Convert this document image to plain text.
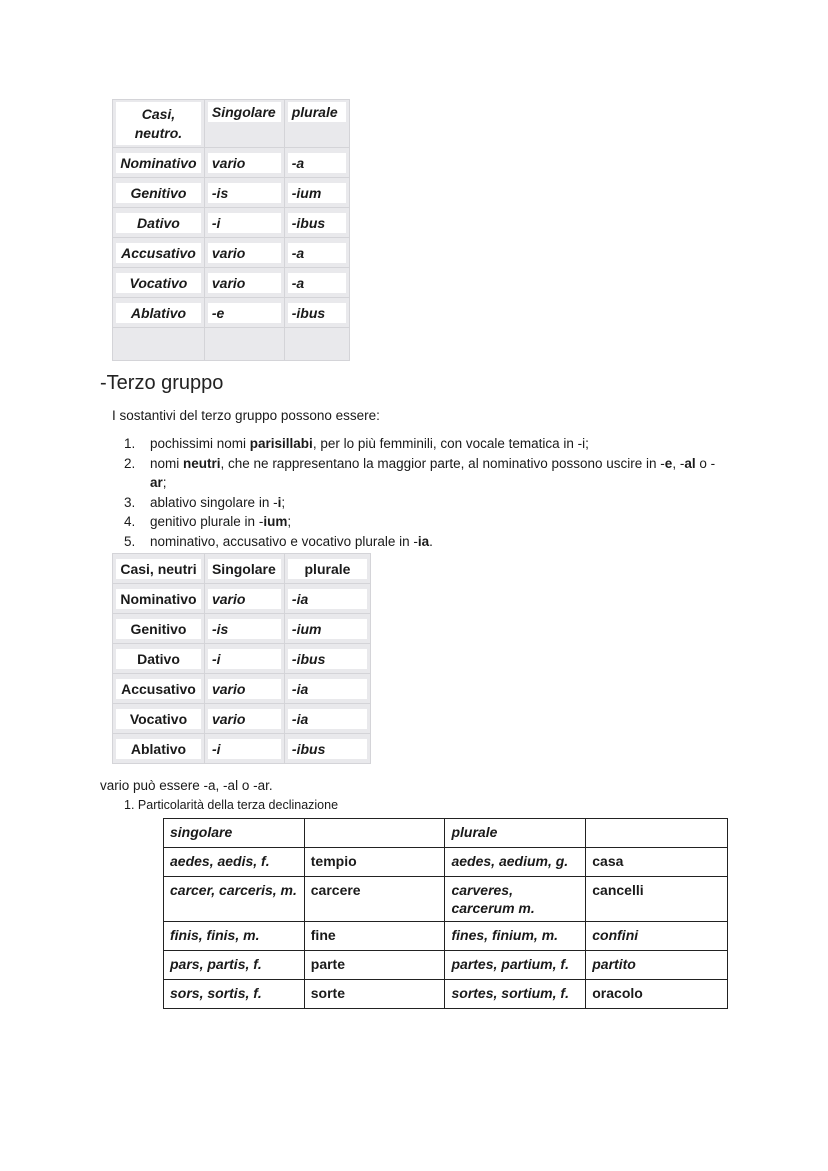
Casi, neutro.	Singolare	plurale

Nominativo	vario	-a

Genitivo	-is	-ium

Dativo	-i	-ibus

Accusativo	vario	-a

Vocativo	vario	-a

Ablativo	-e	-ibus

-Terzo gruppo
I sostantivi del terzo gruppo possono essere:
1. pochissimi nomi parisillabi, per lo più femminili, con vocale tematica in -i;
2. nomi neutri, che ne rappresentano la maggior parte, al nominativo possono uscire in -e, -al o -ar;
3. ablativo singolare in -i;
4. genitivo plurale in -ium;
5. nominativo, accusativo e vocativo plurale in -ia.
Casi, neutri	Singolare	plurale

Nominativo	vario	-ia

Genitivo	-is	-ium

Dativo	-i	-ibus

Accusativo	vario	-ia

Vocativo	vario	-ia

Ablativo	-i	-ibus
vario può essere -a, -al o -ar.
1. Particolarità della terza declinazione
singolare		plurale	
aedes, aedis, f.	tempio	aedes, aedium, g.	casa
carcer, carceris, m.	carcere	carveres, carcerum m.	cancelli
finis, finis, m.	fine	fines, finium, m.	confini
pars, partis, f.	parte	partes, partium, f.	partito
sors, sortis, f.	sorte	sortes, sortium, f.	oracolo
